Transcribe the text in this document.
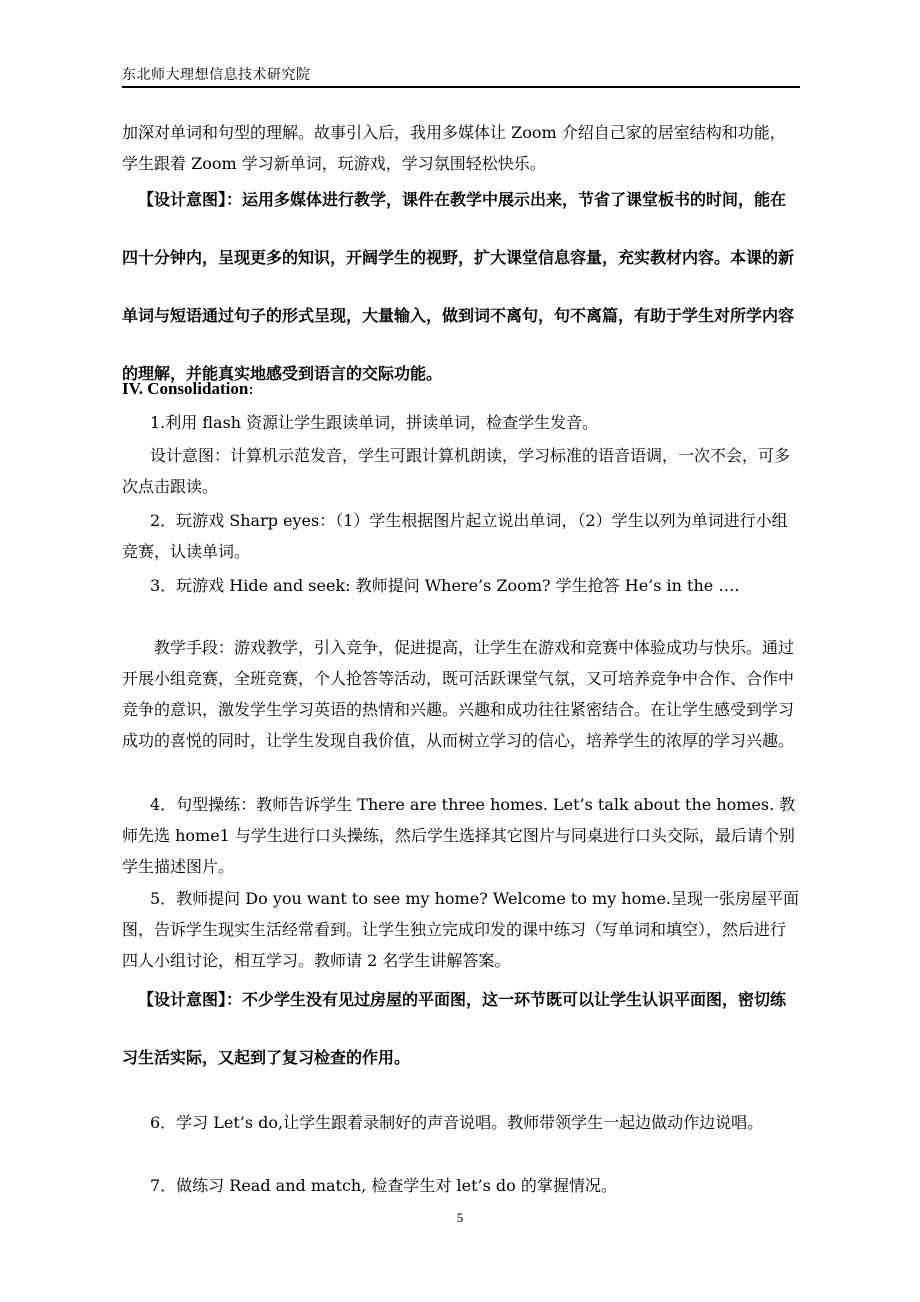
东北师大理想信息技术研究院

加深对单词和句型的理解。故事引入后，我用多媒体让 Zoom 介绍自己家的居室结构和功能，学生跟着 Zoom 学习新单词，玩游戏，学习氛围轻松快乐。

【设计意图】：运用多媒体进行教学，课件在教学中展示出来，节省了课堂板书的时间，能在四十分钟内，呈现更多的知识，开阔学生的视野，扩大课堂信息容量，充实教材内容。本课的新单词与短语通过句子的形式呈现，大量输入，做到词不离句，句不离篇，有助于学生对所学内容的理解，并能真实地感受到语言的交际功能。

IV. Consolidation:

1.利用 flash 资源让学生跟读单词，拼读单词，检查学生发音。

设计意图：计算机示范发音，学生可跟计算机朗读，学习标准的语音语调，一次不会，可多次点击跟读。

2．玩游戏 Sharp eyes：（1）学生根据图片起立说出单词，（2）学生以列为单词进行小组竞赛，认读单词。

3．玩游戏 Hide and seek: 教师提问 Where’s Zoom? 学生抢答 He’s in the ….

教学手段：游戏教学，引入竞争，促进提高，让学生在游戏和竞赛中体验成功与快乐。通过开展小组竞赛，全班竞赛，个人抢答等活动，既可活跃课堂气氛，又可培养竞争中合作、合作中竞争的意识，激发学生学习英语的热情和兴趣。兴趣和成功往往紧密结合。在让学生感受到学习成功的喜悦的同时，让学生发现自我价值，从而树立学习的信心，培养学生的浓厚的学习兴趣。

4．句型操练：教师告诉学生 There are three homes. Let’s talk about the homes. 教师先选 home1 与学生进行口头操练，然后学生选择其它图片与同桌进行口头交际，最后请个别学生描述图片。

5．教师提问 Do you want to see my home? Welcome to my home.呈现一张房屋平面图，告诉学生现实生活经常看到。让学生独立完成印发的课中练习（写单词和填空），然后进行四人小组讨论，相互学习。教师请 2 名学生讲解答案。

【设计意图】：不少学生没有见过房屋的平面图，这一环节既可以让学生认识平面图，密切练习生活实际，又起到了复习检查的作用。

6．学习 Let’s do,让学生跟着录制好的声音说唱。教师带领学生一起边做动作边说唱。

7．做练习 Read and match, 检查学生对 let’s do 的掌握情况。

5
